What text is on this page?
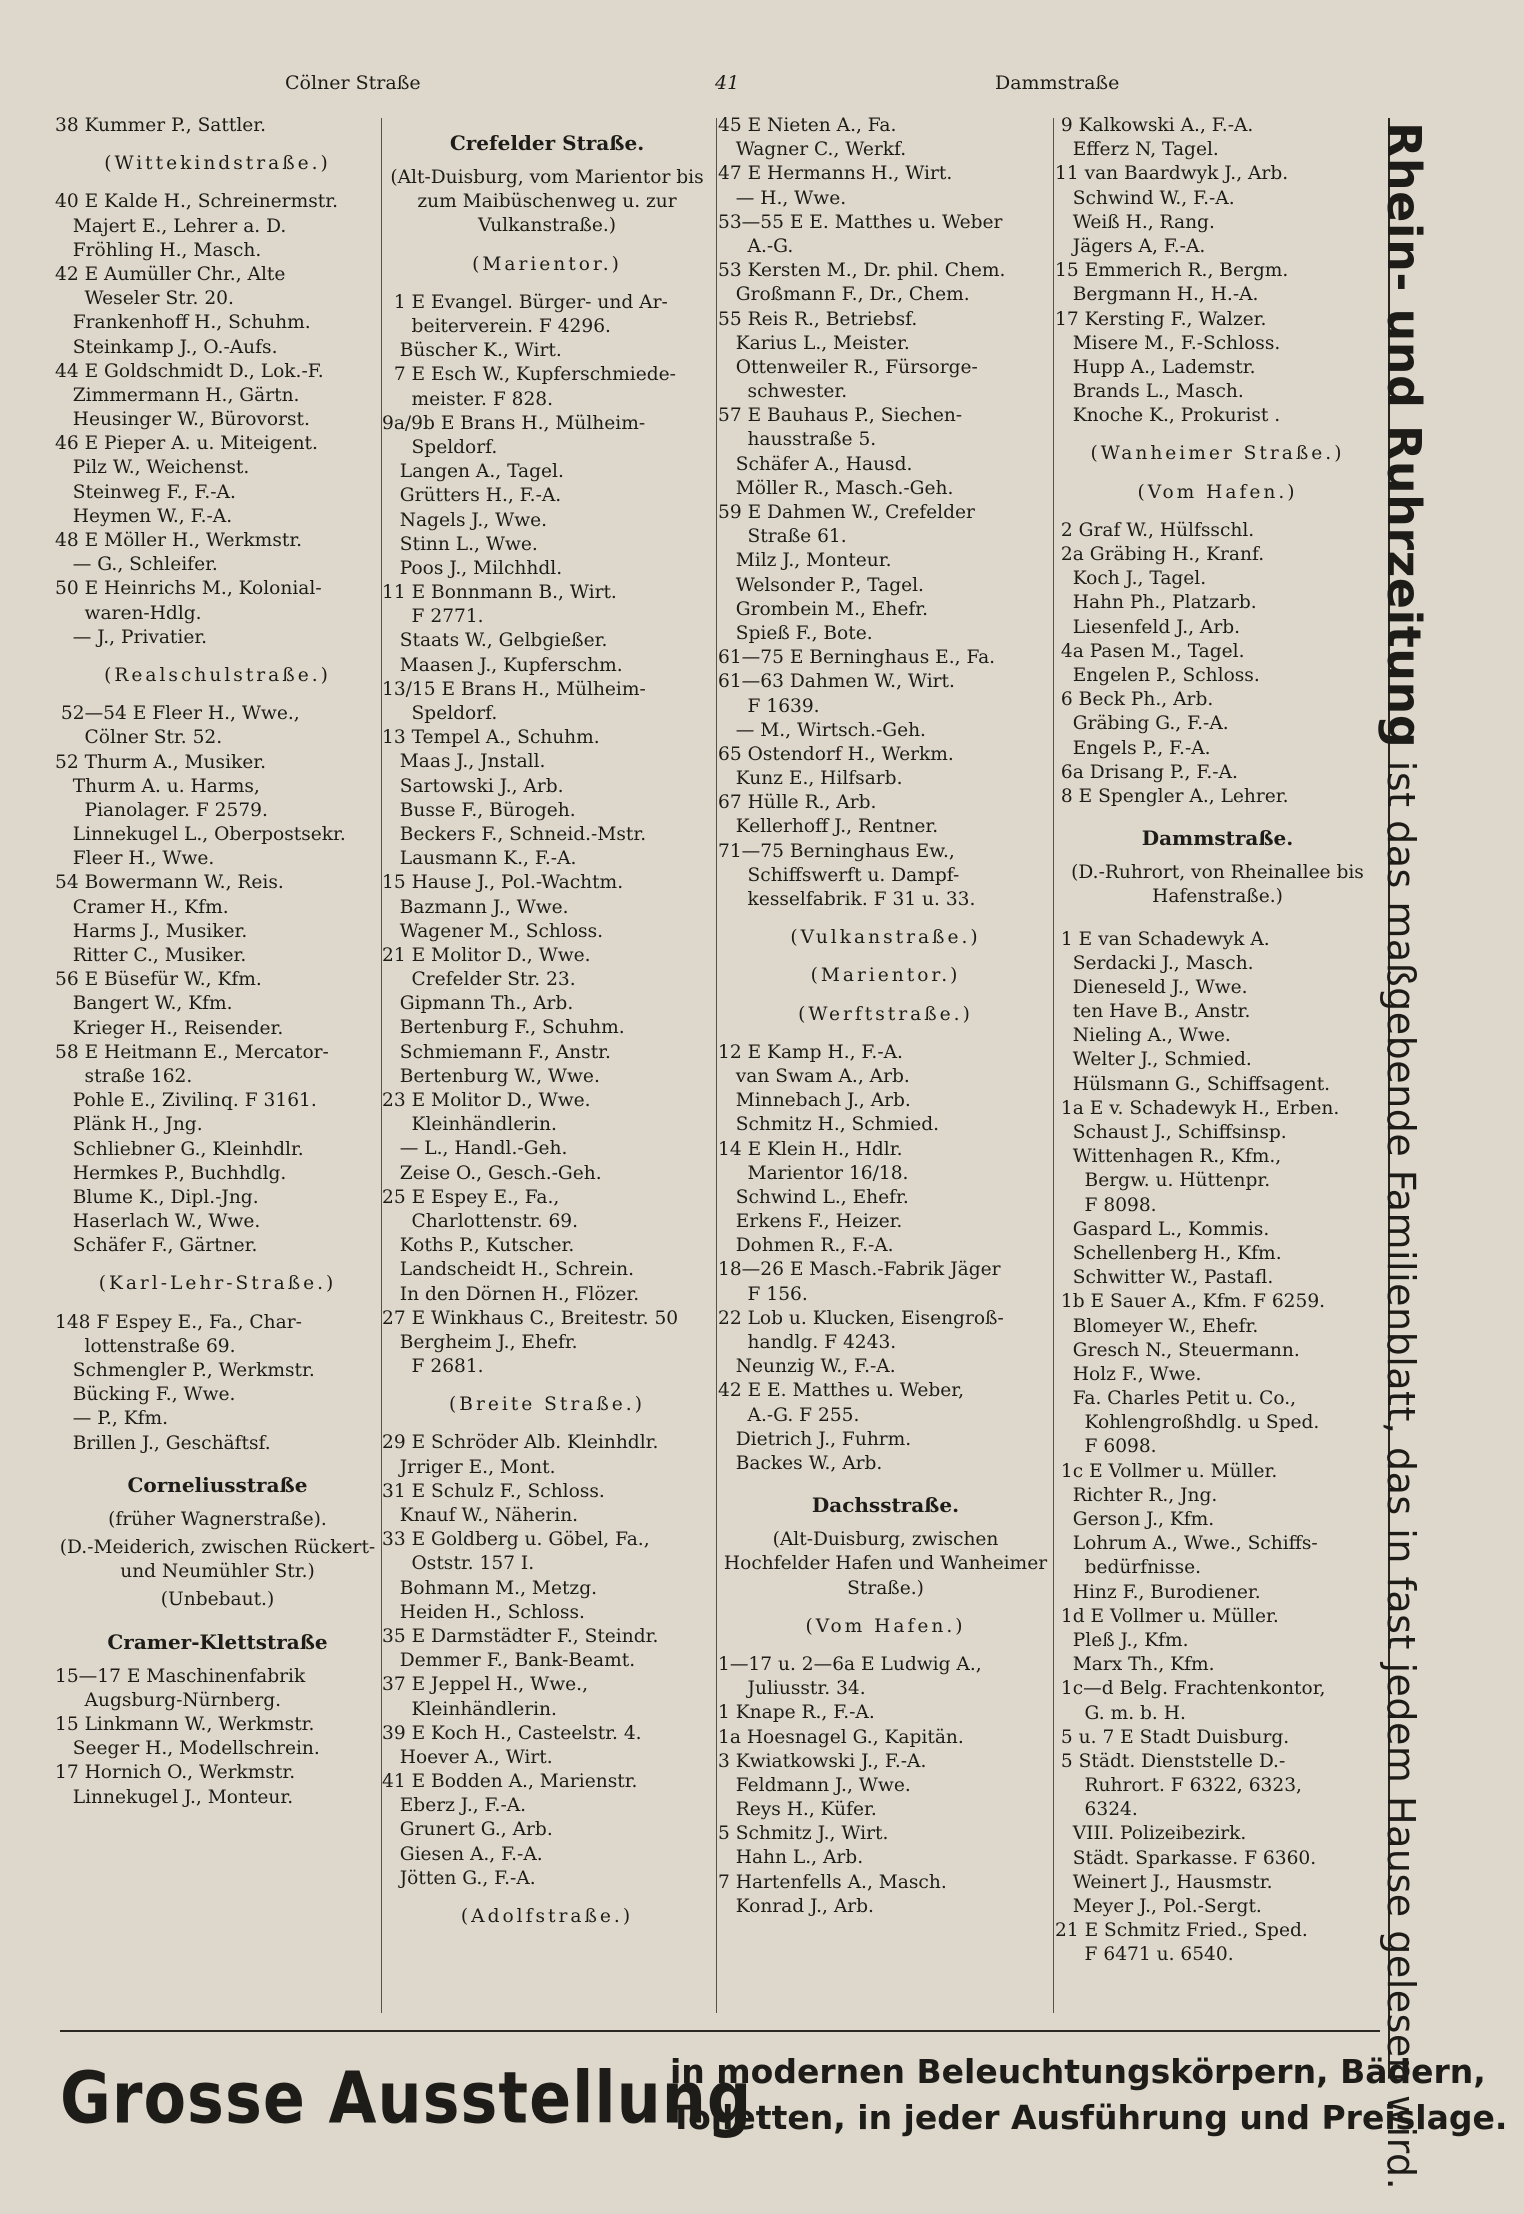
Cölner Straße	41	Dammstraße
38 Kummer P., Sattler.
(Wittekindstraße.)
40 E Kalde H., Schreinermstr.
Majert E., Lehrer a. D.
Fröhling H., Masch.
42 E Aumüller Chr., Alte
Weseler Str. 20.
Frankenhoff H., Schuhm.
Steinkamp J., O.-Aufs.
44 E Goldschmidt D., Lok.-F.
Zimmermann H., Gärtn.
Heusinger W., Bürovorst.
46 E Pieper A. u. Miteigent.
Pilz W., Weichenst.
Steinweg F., F.-A.
Heymen W., F.-A.
48 E Möller H., Werkmstr.
— G., Schleifer.
50 E Heinrichs M., Kolonial-
waren-Hdlg.
— J., Privatier.
(Realschulstraße.)
52—54 E Fleer H., Wwe.,
Cölner Str. 52.
52 Thurm A., Musiker.
Thurm A. u. Harms,
Pianolager. F 2579.
Linnekugel L., Oberpostsekr.
Fleer H., Wwe.
54 Bowermann W., Reis.
Cramer H., Kfm.
Harms J., Musiker.
Ritter C., Musiker.
56 E Büsefür W., Kfm.
Bangert W., Kfm.
Krieger H., Reisender.
58 E Heitmann E., Mercator-
straße 162.
Pohle E., Zivilinq. F 3161.
Plänk H., Jng.
Schliebner G., Kleinhdlr.
Hermkes P., Buchhdlg.
Blume K., Dipl.-Jng.
Haserlach W., Wwe.
Schäfer F., Gärtner.
(Karl-Lehr-Straße.)
148 F Espey E., Fa., Char-
lottenstraße 69.
Schmengler P., Werkmstr.
Bücking F., Wwe.
— P., Kfm.
Brillen J., Geschäftsf.
Corneliusstraße
(früher Wagnerstraße).
(D.-Meiderich, zwischen Rückert- und Neumühler Str.)
(Unbebaut.)
Cramer-Klettstraße
15—17 E Maschinenfabrik
Augsburg-Nürnberg.
15 Linkmann W., Werkmstr.
Seeger H., Modellschrein.
17 Hornich O., Werkmstr.
Linnekugel J., Monteur.
Crefelder Straße.
(Alt-Duisburg, vom Marientor bis zum Maibüschenweg u. zur Vulkanstraße.)
(Marientor.)
1 E Evangel. Bürger- und Ar-
beiterverein. F 4296.
Büscher K., Wirt.
7 E Esch W., Kupferschmiede-
meister. F 828.
9a/9b E Brans H., Mülheim-
Speldorf.
Langen A., Tagel.
Grütters H., F.-A.
Nagels J., Wwe.
Stinn L., Wwe.
Poos J., Milchhdl.
11 E Bonnmann B., Wirt.
F 2771.
Staats W., Gelbgießer.
Maasen J., Kupferschm.
13/15 E Brans H., Mülheim-
Speldorf.
13 Tempel A., Schuhm.
Maas J., Jnstall.
Sartowski J., Arb.
Busse F., Bürogeh.
Beckers F., Schneid.-Mstr.
Lausmann K., F.-A.
15 Hause J., Pol.-Wachtm.
Bazmann J., Wwe.
Wagener M., Schloss.
21 E Molitor D., Wwe.
Crefelder Str. 23.
Gipmann Th., Arb.
Bertenburg F., Schuhm.
Schmiemann F., Anstr.
Bertenburg W., Wwe.
23 E Molitor D., Wwe.
Kleinhändlerin.
— L., Handl.-Geh.
Zeise O., Gesch.-Geh.
25 E Espey E., Fa.,
Charlottenstr. 69.
Koths P., Kutscher.
Landscheidt H., Schrein.
In den Dörnen H., Flözer.
27 E Winkhaus C., Breitestr. 50
Bergheim J., Ehefr.
F 2681.
(Breite Straße.)
29 E Schröder Alb. Kleinhdlr.
Jrriger E., Mont.
31 E Schulz F., Schloss.
Knauf W., Näherin.
33 E Goldberg u. Göbel, Fa.,
Oststr. 157 I.
Bohmann M., Metzg.
Heiden H., Schloss.
35 E Darmstädter F., Steindr.
Demmer F., Bank-Beamt.
37 E Jeppel H., Wwe.,
Kleinhändlerin.
39 E Koch H., Casteelstr. 4.
Hoever A., Wirt.
41 E Bodden A., Marienstr.
Eberz J., F.-A.
Grunert G., Arb.
Giesen A., F.-A.
Jötten G., F.-A.
(Adolfstraße.)
45 E Nieten A., Fa.
Wagner C., Werkf.
47 E Hermanns H., Wirt.
— H., Wwe.
53—55 E E. Matthes u. Weber
A.-G.
53 Kersten M., Dr. phil. Chem.
Großmann F., Dr., Chem.
55 Reis R., Betriebsf.
Karius L., Meister.
Ottenweiler R., Fürsorge-
schwester.
57 E Bauhaus P., Siechen-
hausstraße 5.
Schäfer A., Hausd.
Möller R., Masch.-Geh.
59 E Dahmen W., Crefelder
Straße 61.
Milz J., Monteur.
Welsonder P., Tagel.
Grombein M., Ehefr.
Spieß F., Bote.
61—75 E Berninghaus E., Fa.
61—63 Dahmen W., Wirt.
F 1639.
— M., Wirtsch.-Geh.
65 Ostendorf H., Werkm.
Kunz E., Hilfsarb.
67 Hülle R., Arb.
Kellerhoff J., Rentner.
71—75 Berninghaus Ew.,
Schiffswerft u. Dampf-
kesselfabrik. F 31 u. 33.
(Vulkanstraße.)
(Marientor.)
(Werftstraße.)
12 E Kamp H., F.-A.
van Swam A., Arb.
Minnebach J., Arb.
Schmitz H., Schmied.
14 E Klein H., Hdlr.
Marientor 16/18.
Schwind L., Ehefr.
Erkens F., Heizer.
Dohmen R., F.-A.
18—26 E Masch.-Fabrik Jäger
F 156.
22 Lob u. Klucken, Eisengroß-
handlg. F 4243.
Neunzig W., F.-A.
42 E E. Matthes u. Weber,
A.-G. F 255.
Dietrich J., Fuhrm.
Backes W., Arb.
Dachsstraße.
(Alt-Duisburg, zwischen Hochfelder Hafen und Wanheimer Straße.)
(Vom Hafen.)
1—17 u. 2—6a E Ludwig A.,
Juliusstr. 34.
1 Knape R., F.-A.
1a Hoesnagel G., Kapitän.
3 Kwiatkowski J., F.-A.
Feldmann J., Wwe.
Reys H., Küfer.
5 Schmitz J., Wirt.
Hahn L., Arb.
7 Hartenfells A., Masch.
Konrad J., Arb.
9 Kalkowski A., F.-A.
Efferz N, Tagel.
11 van Baardwyk J., Arb.
Schwind W., F.-A.
Weiß H., Rang.
Jägers A, F.-A.
15 Emmerich R., Bergm.
Bergmann H., H.-A.
17 Kersting F., Walzer.
Misere M., F.-Schloss.
Hupp A., Lademstr.
Brands L., Masch.
Knoche K., Prokurist .
(Wanheimer Straße.)
(Vom Hafen.)
2 Graf W., Hülfsschl.
2a Gräbing H., Kranf.
Koch J., Tagel.
Hahn Ph., Platzarb.
Liesenfeld J., Arb.
4a Pasen M., Tagel.
Engelen P., Schloss.
6 Beck Ph., Arb.
Gräbing G., F.-A.
Engels P., F.-A.
6a Drisang P., F.-A.
8 E Spengler A., Lehrer.
Dammstraße.
(D.-Ruhrort, von Rheinallee bis Hafenstraße.)
1 E van Schadewyk A.
Serdacki J., Masch.
Dieneseld J., Wwe.
ten Have B., Anstr.
Nieling A., Wwe.
Welter J., Schmied.
Hülsmann G., Schiffsagent.
1a E v. Schadewyk H., Erben.
Schaust J., Schiffsinsp.
Wittenhagen R., Kfm.,
Bergw. u. Hüttenpr.
F 8098.
Gaspard L., Kommis.
Schellenberg H., Kfm.
Schwitter W., Pastafl.
1b E Sauer A., Kfm. F 6259.
Blomeyer W., Ehefr.
Gresch N., Steuermann.
Holz F., Wwe.
Fa. Charles Petit u. Co.,
Kohlengroßhdlg. u Sped.
F 6098.
1c E Vollmer u. Müller.
Richter R., Jng.
Gerson J., Kfm.
Lohrum A., Wwe., Schiffs-
bedürfnisse.
Hinz F., Burodiener.
1d E Vollmer u. Müller.
Pleß J., Kfm.
Marx Th., Kfm.
1c—d Belg. Frachtenkontor,
G. m. b. H.
5 u. 7 E Stadt Duisburg.
5 Städt. Dienststelle D.-
Ruhrort. F 6322, 6323,
6324.
VIII. Polizeibezirk.
Städt. Sparkasse. F 6360.
Weinert J., Hausmstr.
Meyer J., Pol.-Sergt.
21 E Schmitz Fried., Sped.
F 6471 u. 6540.
Rhein- und Ruhrzeitung ist das maßgebende Familienblatt, das in fast jedem Hause gelesen wird.
Grosse Ausstellung
in modernen Beleuchtungskörpern, Bädern,
Toiletten, in jeder Ausführung und Preislage.
